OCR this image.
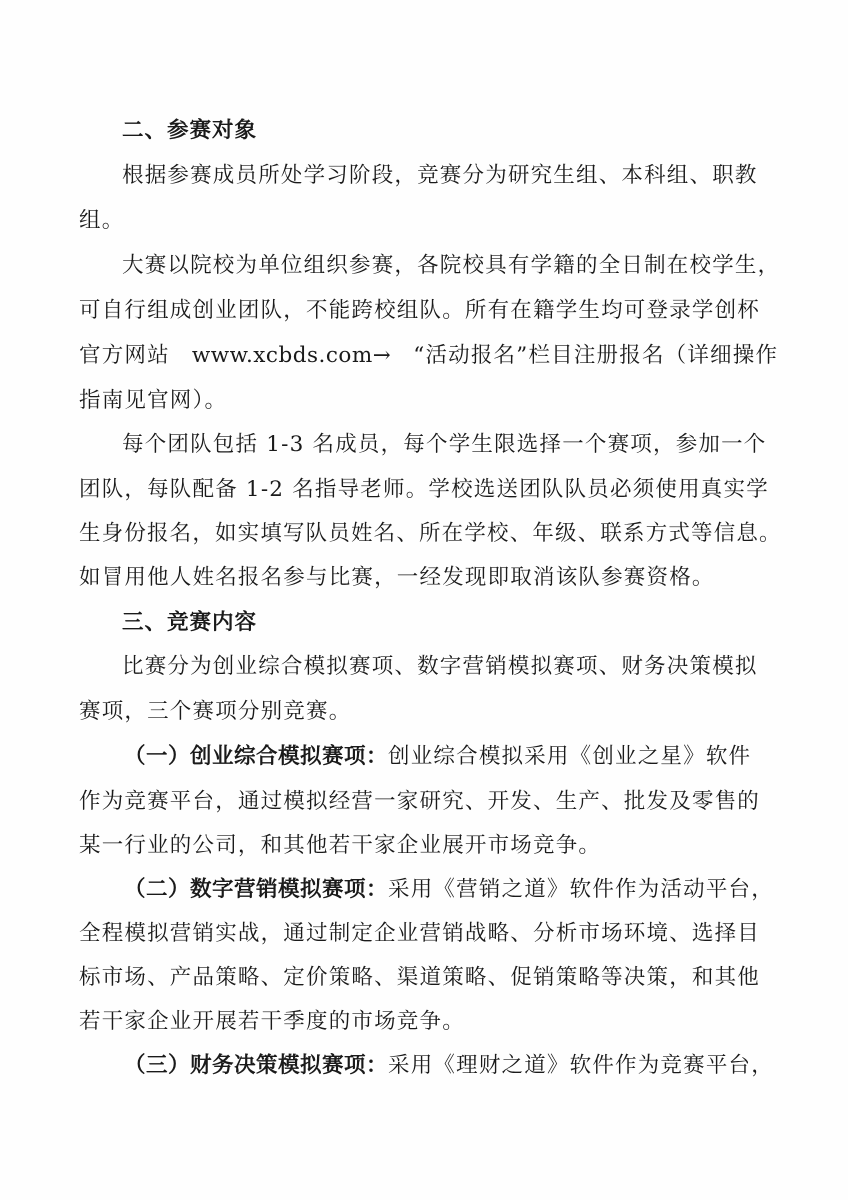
二、参赛对象
根据参赛成员所处学习阶段，竞赛分为研究生组、本科组、职教
组。
大赛以院校为单位组织参赛，各院校具有学籍的全日制在校学生，
可自行组成创业团队，不能跨校组队。所有在籍学生均可登录学创杯
官方网站 www.xcbds.com→ “活动报名”栏目注册报名（详细操作
指南见官网）。
每个团队包括 1-3 名成员，每个学生限选择一个赛项，参加一个
团队，每队配备 1-2 名指导老师。学校选送团队队员必须使用真实学
生身份报名，如实填写队员姓名、所在学校、年级、联系方式等信息。
如冒用他人姓名报名参与比赛，一经发现即取消该队参赛资格。
三、竞赛内容
比赛分为创业综合模拟赛项、数字营销模拟赛项、财务决策模拟
赛项，三个赛项分别竞赛。
（一）创业综合模拟赛项：创业综合模拟采用《创业之星》软件
作为竞赛平台，通过模拟经营一家研究、开发、生产、批发及零售的
某一行业的公司，和其他若干家企业展开市场竞争。
（二）数字营销模拟赛项：采用《营销之道》软件作为活动平台，
全程模拟营销实战，通过制定企业营销战略、分析市场环境、选择目
标市场、产品策略、定价策略、渠道策略、促销策略等决策，和其他
若干家企业开展若干季度的市场竞争。
（三）财务决策模拟赛项：采用《理财之道》软件作为竞赛平台，
